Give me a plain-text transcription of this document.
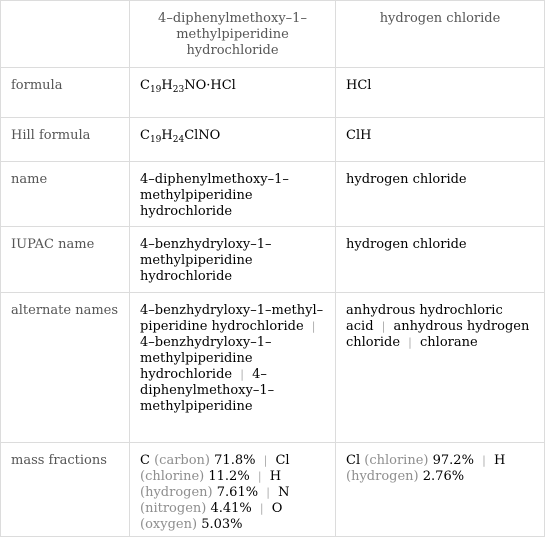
	4–diphenylmethoxy–1–methylpiperidine hydrochloride	hydrogen chloride
formula	$C_{19}H_{23}NO\cdot HCl$	HCl
Hill formula	$C_{19}H_{24}ClNO$	ClH
name	4–diphenylmethoxy–1–methylpiperidine hydrochloride	hydrogen chloride
IUPAC name	4–benzhydryloxy–1–methylpiperidine hydrochloride	hydrogen chloride
alternate names	4–benzhydryloxy–1–methyl–piperidine hydrochloride | 4–benzhydryloxy–1–methylpiperidine hydrochloride | 4–diphenylmethoxy–1–methylpiperidine	anhydrous hydrochloric acid | anhydrous hydrogen chloride | chlorane
mass fractions	C (carbon) 71.8% | Cl (chlorine) 11.2% | H (hydrogen) 7.61% | N (nitrogen) 4.41% | O (oxygen) 5.03%	Cl (chlorine) 97.2% | H (hydrogen) 2.76%
